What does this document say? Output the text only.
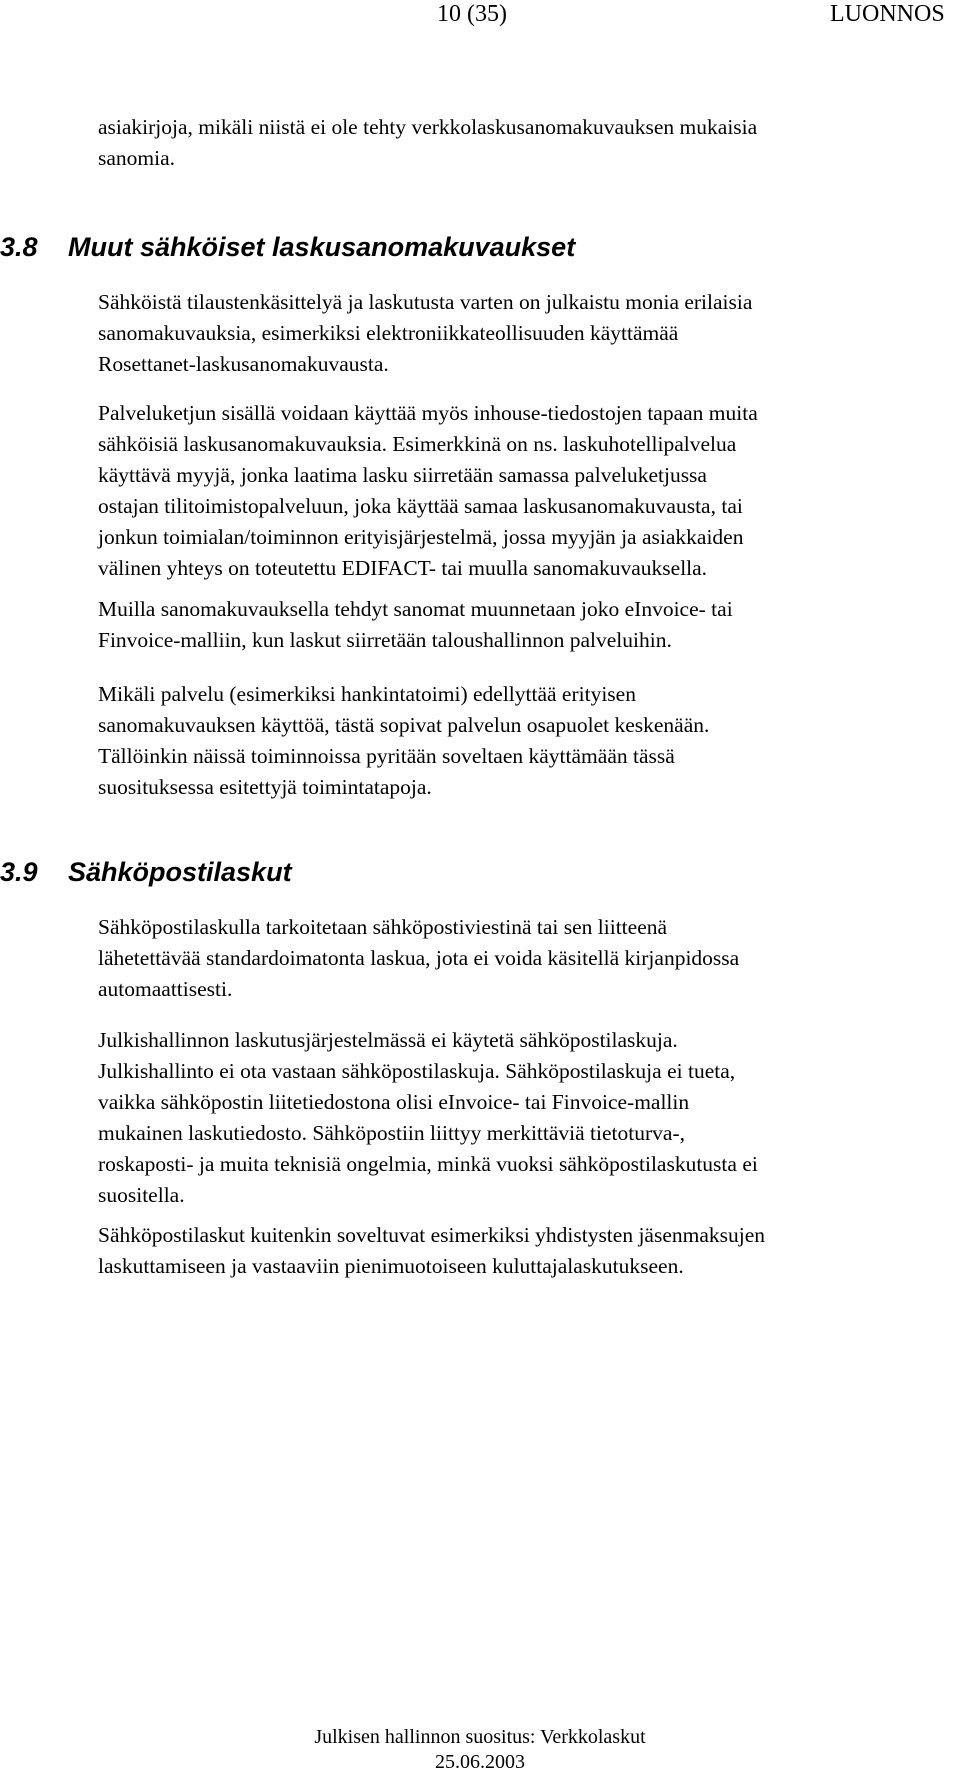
10 (35)	LUONNOS

asiakirjoja, mikäli niistä ei ole tehty verkkolaskusanomakuvauksen mukaisia
sanomia.

3.8 Muut sähköiset laskusanomakuvaukset

Sähköistä tilaustenkäsittelyä ja laskutusta varten on julkaistu monia erilaisia
sanomakuvauksia, esimerkiksi elektroniikkateollisuuden käyttämää
Rosettanet-laskusanomakuvausta.

Palveluketjun sisällä voidaan käyttää myös inhouse-tiedostojen tapaan muita
sähköisiä laskusanomakuvauksia. Esimerkkinä on ns. laskuhotellipalvelua
käyttävä myyjä, jonka laatima lasku siirretään samassa palveluketjussa
ostajan tilitoimistopalveluun, joka käyttää samaa laskusanomakuvausta, tai
jonkun toimialan/toiminnon erityisjärjestelmä, jossa myyjän ja asiakkaiden
välinen yhteys on toteutettu EDIFACT- tai muulla sanomakuvauksella.

Muilla sanomakuvauksella tehdyt sanomat muunnetaan joko eInvoice- tai
Finvoice-malliin, kun laskut siirretään taloushallinnon palveluihin.

Mikäli palvelu (esimerkiksi hankintatoimi) edellyttää erityisen
sanomakuvauksen käyttöä, tästä sopivat palvelun osapuolet keskenään.
Tällöinkin näissä toiminnoissa pyritään soveltaen käyttämään tässä
suosituksessa esitettyjä toimintatapoja.

3.9 Sähköpostilaskut

Sähköpostilaskulla tarkoitetaan sähköpostiviestinä tai sen liitteenä
lähetettävää standardoimatonta laskua, jota ei voida käsitellä kirjanpidossa
automaattisesti.

Julkishallinnon laskutusjärjestelmässä ei käytetä sähköpostilaskuja.
Julkishallinto ei ota vastaan sähköpostilaskuja. Sähköpostilaskuja ei tueta,
vaikka sähköpostin liitetiedostona olisi eInvoice- tai Finvoice-mallin
mukainen laskutiedosto. Sähköpostiin liittyy merkittäviä tietoturva-,
roskaposti- ja muita teknisiä ongelmia, minkä vuoksi sähköpostilaskutusta ei
suositella.

Sähköpostilaskut kuitenkin soveltuvat esimerkiksi yhdistysten jäsenmaksujen
laskuttamiseen ja vastaaviin pienimuotoiseen kuluttajalaskutukseen.

Julkisen hallinnon suositus: Verkkolaskut
25.06.2003
